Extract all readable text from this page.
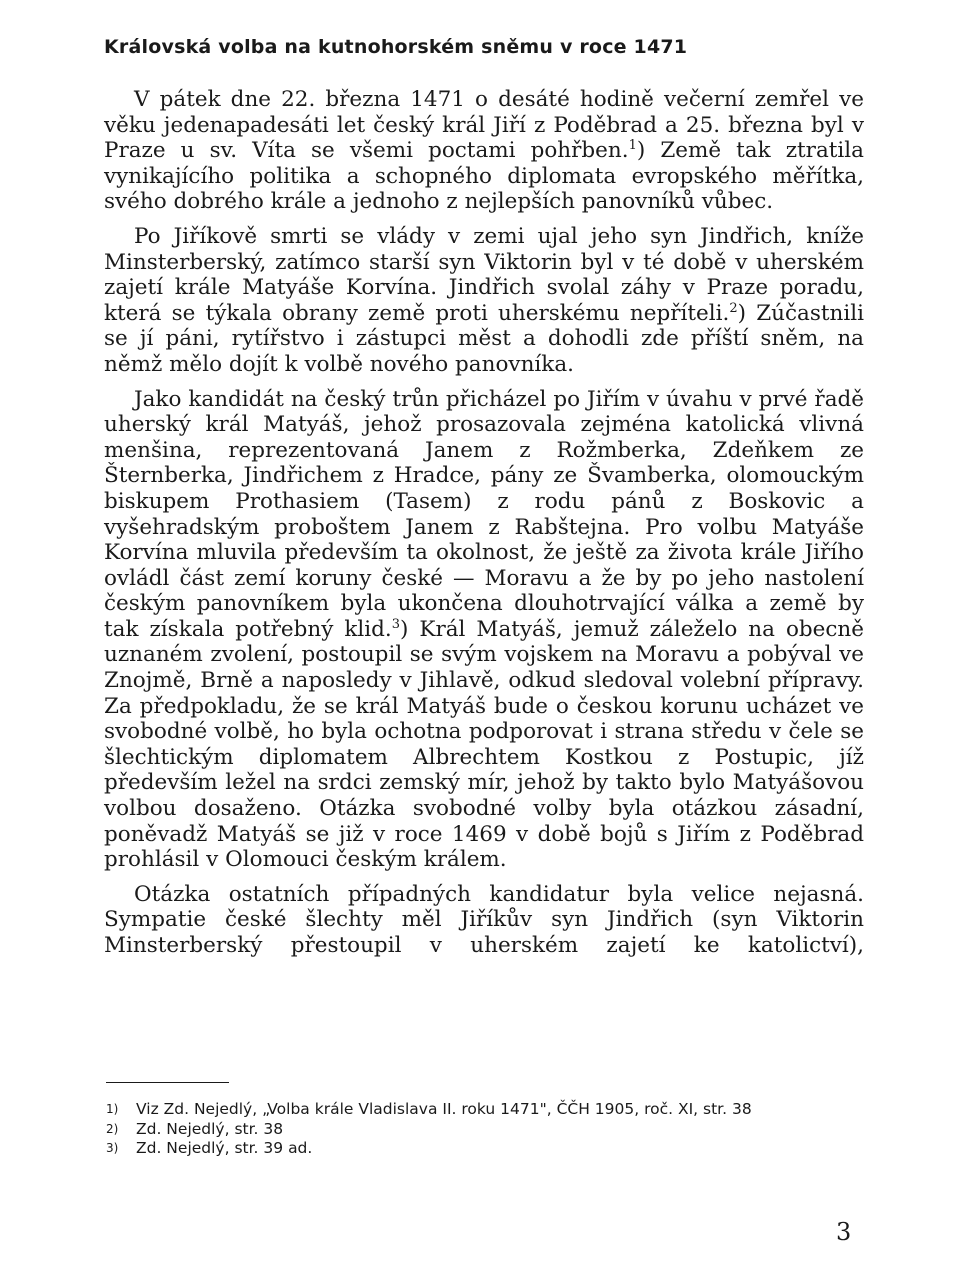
Královská volba na kutnohorském sněmu v roce 1471

V pátek dne 22. března 1471 o desáté hodině večerní zemřel ve věku jedenapadesáti let český král Jiří z Poděbrad a 25. března byl v Praze u sv. Víta se všemi poctami pohřben.$^1$) Země tak ztratila vynikajícího politika a schopného diplomata evropského měřítka, svého dobrého krále a jednoho z nejlepších panovníků vůbec.

Po Jiříkově smrti se vlády v zemi ujal jeho syn Jindřich, kníže Minsterberský, zatímco starší syn Viktorin byl v té době v uherském zajetí krále Matyáše Korvína. Jindřich svolal záhy v Praze poradu, která se týkala obrany země proti uherskému nepříteli.$^2$) Zúčastnili se jí páni, rytířstvo i zástupci měst a dohodli zde příští sněm, na němž mělo dojít k volbě nového panovníka.

Jako kandidát na český trůn přicházel po Jiřím v úvahu v prvé řadě uherský král Matyáš, jehož prosazovala zejména katolická vlivná menšina, reprezentovaná Janem z Rožmberka, Zdeňkem ze Šternberka, Jindřichem z Hradce, pány ze Švamberka, olomouckým biskupem Prothasiem (Tasem) z rodu pánů z Boskovic a vyšehradským proboštem Janem z Rabštejna. Pro volbu Matyáše Korvína mluvila především ta okolnost, že ještě za života krále Jiřího ovládl část zemí koruny české — Moravu a že by po jeho nastolení českým panovníkem byla ukončena dlouhotrvající válka a země by tak získala potřebný klid.$^3$) Král Matyáš, jemuž záleželo na obecně uznaném zvolení, postoupil se svým vojskem na Moravu a pobýval ve Znojmě, Brně a naposledy v Jihlavě, odkud sledoval volební přípravy. Za předpokladu, že se král Matyáš bude o českou korunu ucházet ve svobodné volbě, ho byla ochotna podporovat i strana středu v čele se šlechtickým diplomatem Albrechtem Kostkou z Postupic, jíž především ležel na srdci zemský mír, jehož by takto bylo Matyášovou volbou dosaženo. Otázka svobodné volby byla otázkou zásadní, poněvadž Matyáš se již v roce 1469 v době bojů s Jiřím z Poděbrad prohlásil v Olomouci českým králem.

Otázka ostatních případných kandidatur byla velice nejasná. Sympatie české šlechty měl Jiříkův syn Jindřich (syn Viktorin Minsterberský přestoupil v uherském zajetí ke katolictví),

1)	Viz Zd. Nejedlý, „Volba krále Vladislava II. roku 1471", ČČH 1905, roč. XI, str. 38
2)	Zd. Nejedlý, str. 38
3)	Zd. Nejedlý, str. 39 ad.
3
